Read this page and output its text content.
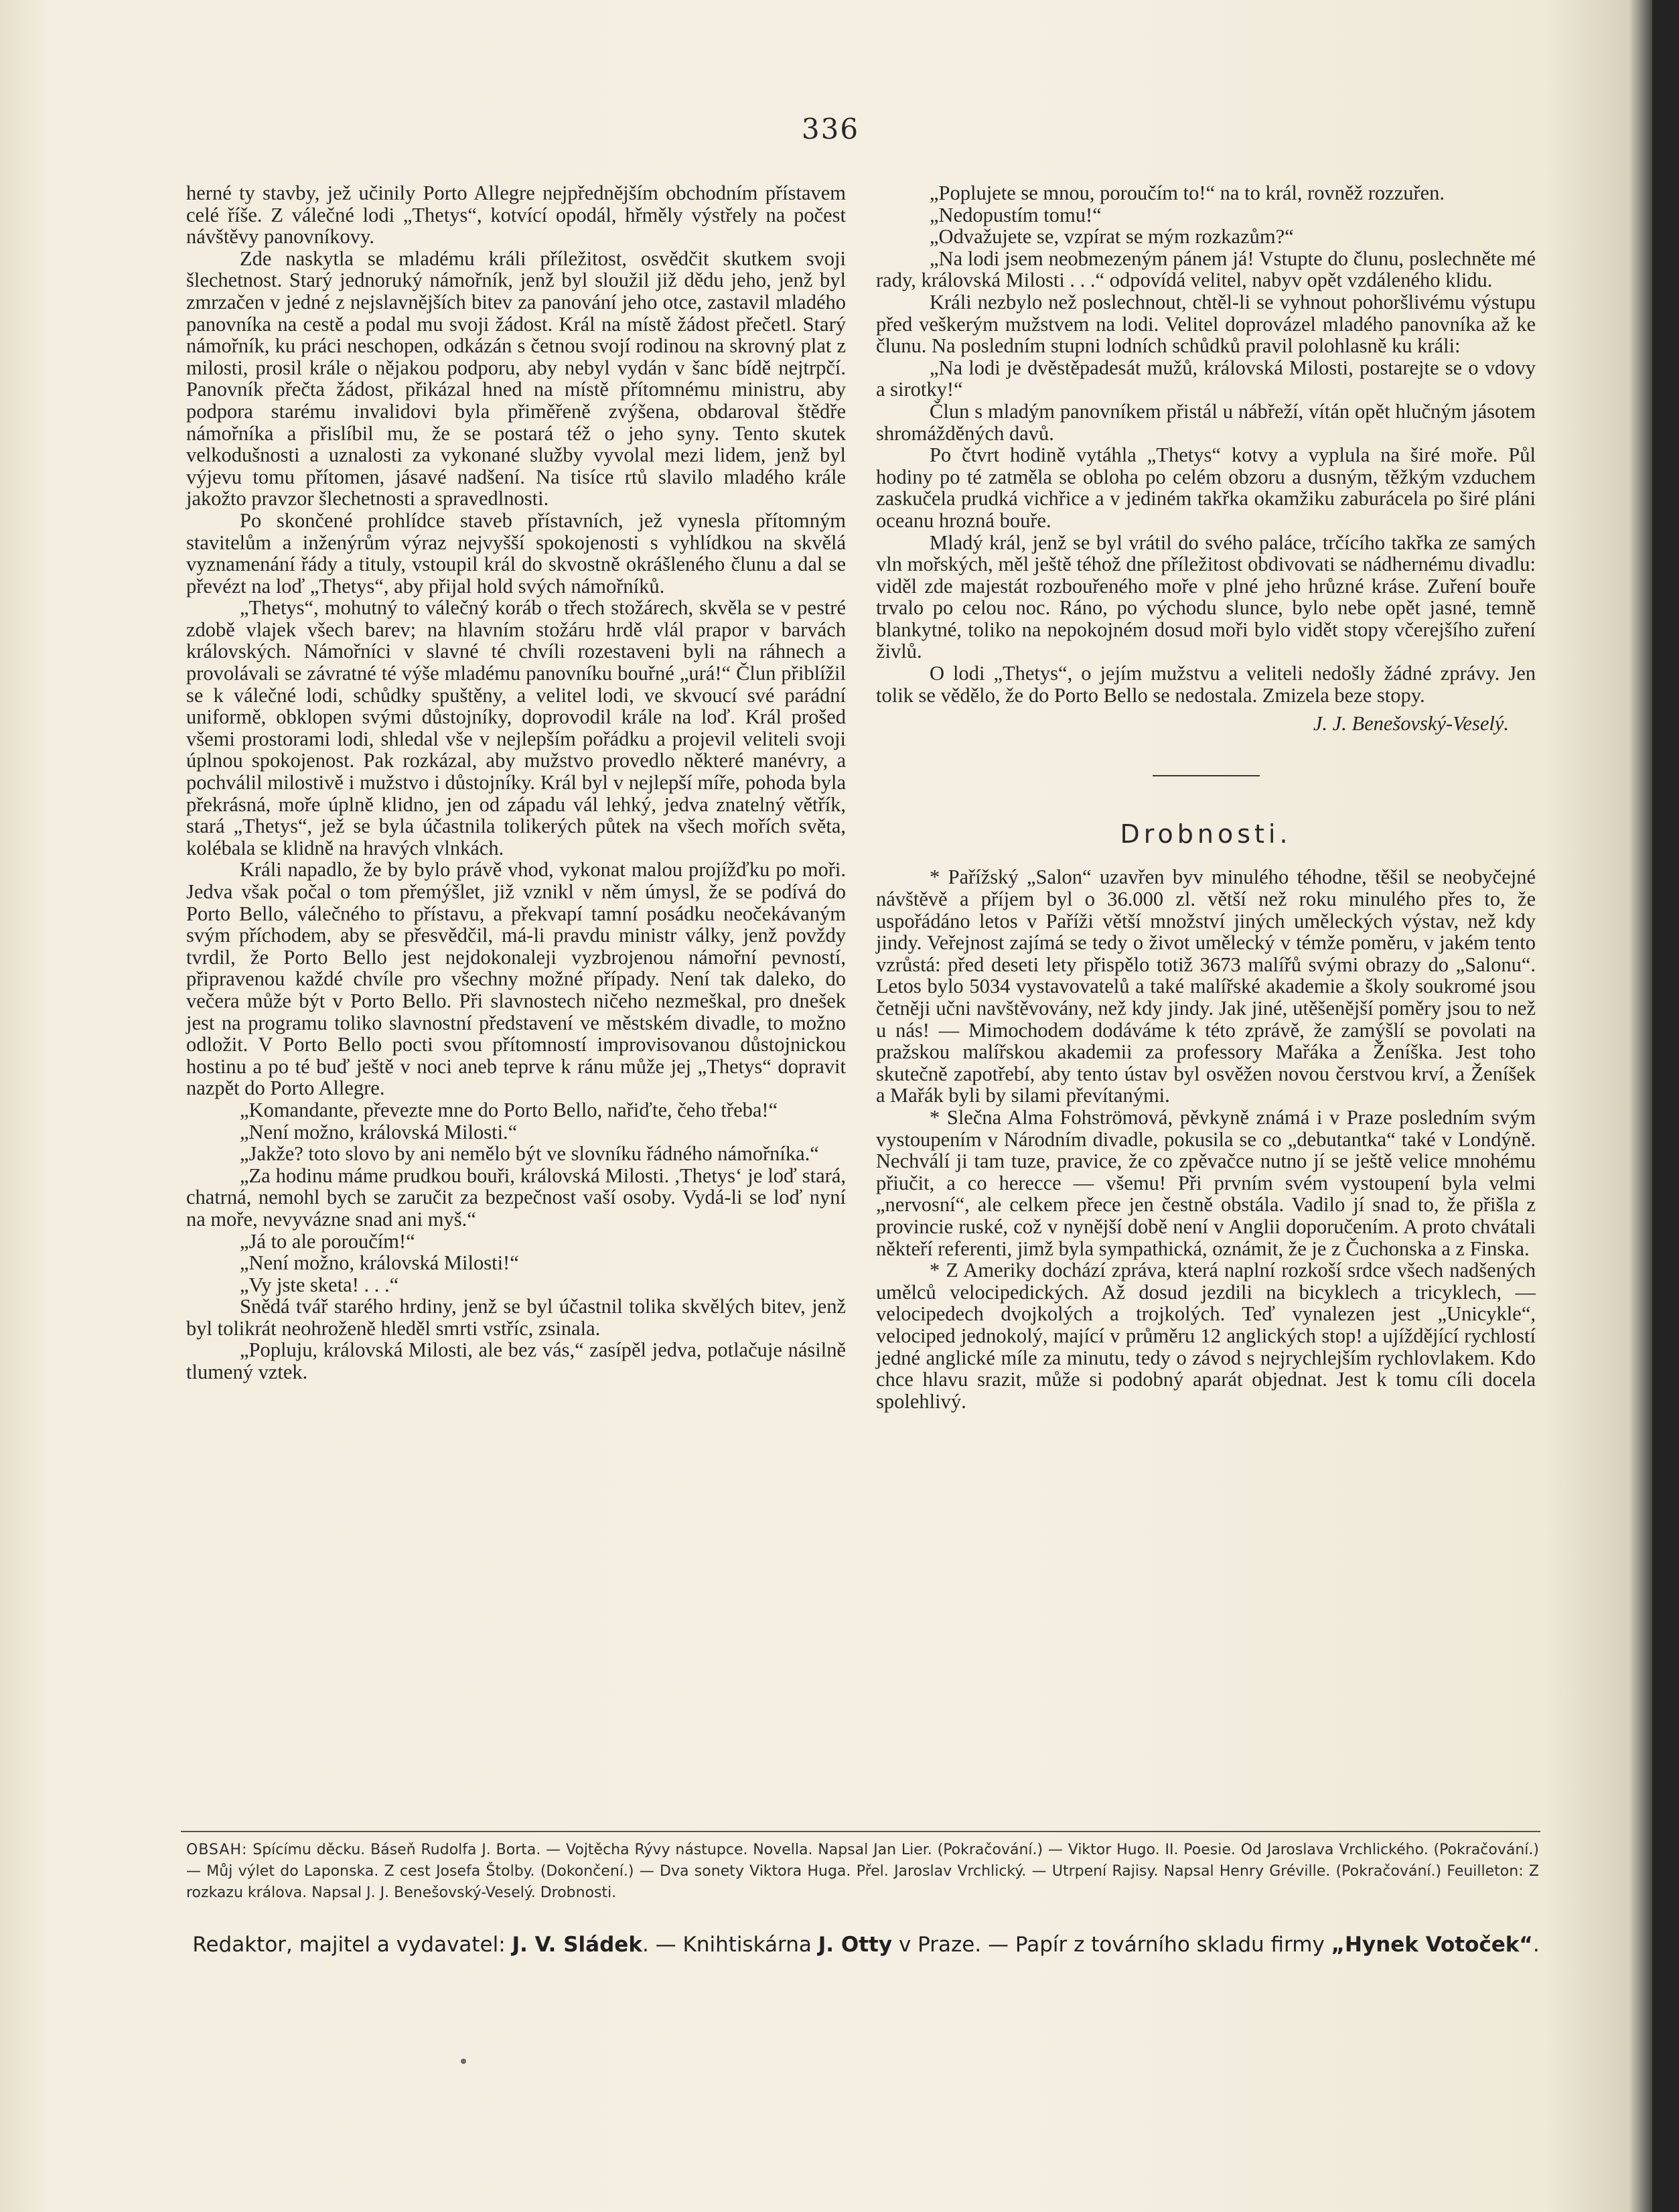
336

herné ty stavby, jež učinily Porto Allegre nejpřednějším obchodním přístavem celé říše. Z válečné lodi „Thetys“, kotvící opodál, hřměly výstřely na počest návštěvy panovníkovy.

Zde naskytla se mladému králi příležitost, osvědčit skutkem svoji šlechetnost. Starý jednoruký námořník, jenž byl sloužil již dědu jeho, jenž byl zmrzačen v jedné z nejslavnějších bitev za panování jeho otce, zastavil mladého panovníka na cestě a podal mu svoji žádost. Král na místě žádost přečetl. Starý námořník, ku práci neschopen, odkázán s četnou svojí rodinou na skrovný plat z milosti, prosil krále o nějakou podporu, aby nebyl vydán v šanc bídě nejtrpčí. Panovník přečta žádost, přikázal hned na místě přítomnému ministru, aby podpora starému invalidovi byla přiměřeně zvýšena, obdaroval štědře námořníka a přislíbil mu, že se postará též o jeho syny. Tento skutek velkodušnosti a uznalosti za vykonané služby vyvolal mezi lidem, jenž byl výjevu tomu přítomen, jásavé nadšení. Na tisíce rtů slavilo mladého krále jakožto pravzor šlechetnosti a spravedlnosti.

Po skončené prohlídce staveb přístavních, jež vynesla přítomným stavitelům a inženýrům výraz nejvyšší spokojenosti s vyhlídkou na skvělá vyznamenání řády a tituly, vstoupil král do skvostně okrášleného člunu a dal se převézt na loď „Thetys“, aby přijal hold svých námořníků.

„Thetys“, mohutný to válečný koráb o třech stožárech, skvěla se v pestré zdobě vlajek všech barev; na hlavním stožáru hrdě vlál prapor v barvách královských. Námořníci v slavné té chvíli rozestaveni byli na ráhnech a provolávali se závratné té výše mladému panovníku bouřné „urá!“ Člun přiblížil se k válečné lodi, schůdky spuštěny, a velitel lodi, ve skvoucí své parádní uniformě, obklopen svými důstojníky, doprovodil krále na loď. Král prošed všemi prostorami lodi, shledal vše v nejlepším pořádku a projevil veliteli svoji úplnou spokojenost. Pak rozkázal, aby mužstvo provedlo některé manévry, a pochválil milostivě i mužstvo i důstojníky. Král byl v nejlepší míře, pohoda byla překrásná, moře úplně klidno, jen od západu vál lehký, jedva znatelný větřík, stará „Thetys“, jež se byla účastnila tolikerých půtek na všech mořích světa, kolébala se klidně na hravých vlnkách.

Králi napadlo, že by bylo právě vhod, vykonat malou projížďku po moři. Jedva však počal o tom přemýšlet, již vznikl v něm úmysl, že se podívá do Porto Bello, válečného to přístavu, a překvapí tamní posádku neočekávaným svým příchodem, aby se přesvědčil, má-li pravdu ministr války, jenž povždy tvrdil, že Porto Bello jest nejdokonaleji vyzbrojenou námořní pevností, připravenou každé chvíle pro všechny možné případy. Není tak daleko, do večera může být v Porto Bello. Při slavnostech ničeho nezmeškal, pro dnešek jest na programu toliko slavnostní představení ve městském divadle, to možno odložit. V Porto Bello pocti svou přítomností improvisovanou důstojnickou hostinu a po té buď ještě v noci aneb teprve k ránu může jej „Thetys“ dopravit nazpět do Porto Allegre.

„Komandante, převezte mne do Porto Bello, nařiďte, čeho třeba!“

„Není možno, královská Milosti.“

„Jakže? toto slovo by ani nemělo být ve slovníku řádného námořníka.“

„Za hodinu máme prudkou bouři, královská Milosti. ,Thetys‘ je loď stará, chatrná, nemohl bych se zaručit za bezpečnost vaší osoby. Vydá-li se loď nyní na moře, nevyvázne snad ani myš.“

„Já to ale poroučím!“

„Není možno, královská Milosti!“

„Vy jste sketa! . . .“

Snědá tvář starého hrdiny, jenž se byl účastnil tolika skvělých bitev, jenž byl tolikrát neohroženě hleděl smrti vstříc, zsinala.

„Popluju, královská Milosti, ale bez vás,“ zasípěl jedva, potlačuje násilně tlumený vztek.

„Poplujete se mnou, poroučím to!“ na to král, rovněž rozzuřen.

„Nedopustím tomu!“

„Odvažujete se, vzpírat se mým rozkazům?“

„Na lodi jsem neobmezeným pánem já! Vstupte do člunu, poslechněte mé rady, královská Milosti . . .“ odpovídá velitel, nabyv opět vzdáleného klidu.

Králi nezbylo než poslechnout, chtěl-li se vyhnout pohoršlivému výstupu před veškerým mužstvem na lodi. Velitel doprovázel mladého panovníka až ke člunu. Na posledním stupni lodních schůdků pravil polohlasně ku králi:

„Na lodi je dvěstěpadesát mužů, královská Milosti, postarejte se o vdovy a sirotky!“

Člun s mladým panovníkem přistál u nábřeží, vítán opět hlučným jásotem shromážděných davů.

Po čtvrt hodině vytáhla „Thetys“ kotvy a vyplula na širé moře. Půl hodiny po té zatměla se obloha po celém obzoru a dusným, těžkým vzduchem zaskučela prudká vichřice a v jediném takřka okamžiku zaburácela po širé pláni oceanu hrozná bouře.

Mladý král, jenž se byl vrátil do svého paláce, trčícího takřka ze samých vln mořských, měl ještě téhož dne příležitost obdivovati se nádhernému divadlu: viděl zde majestát rozbouřeného moře v plné jeho hrůzné kráse. Zuření bouře trvalo po celou noc. Ráno, po východu slunce, bylo nebe opět jasné, temně blankytné, toliko na nepokojném dosud moři bylo vidět stopy včerejšího zuření živlů.

O lodi „Thetys“, o jejím mužstvu a veliteli nedošly žádné zprávy. Jen tolik se vědělo, že do Porto Bello se nedostala. Zmizela beze stopy.

J. J. Benešovský-Veselý.
Drobnosti.

* Pařížský „Salon“ uzavřen byv minulého téhodne, těšil se neobyčejné návštěvě a příjem byl o 36.000 zl. větší než roku minulého přes to, že uspořádáno letos v Paříži větší množství jiných uměleckých výstav, než kdy jindy. Veřejnost zajímá se tedy o život umělecký v témže poměru, v jakém tento vzrůstá: před deseti lety přispělo totiž 3673 malířů svými obrazy do „Salonu“. Letos bylo 5034 vystavovatelů a také malířské akademie a školy soukromé jsou četněji učni navštěvovány, než kdy jindy. Jak jiné, utěšenější poměry jsou to než u nás! — Mimochodem dodáváme k této zprávě, že zamýšlí se povolati na pražskou malířskou akademii za professory Mařáka a Ženíška. Jest toho skutečně zapotřebí, aby tento ústav byl osvěžen novou čerstvou krví, a Ženíšek a Mařák byli by silami převítanými.

* Slečna Alma Fohströmová, pěvkyně známá i v Praze posledním svým vystoupením v Národním divadle, pokusila se co „debutantka“ také v Londýně. Nechválí ji tam tuze, pravice, že co zpěvačce nutno jí se ještě velice mnohému přiučit, a co herecce — všemu! Při prvním svém vystoupení byla velmi „nervosní“, ale celkem přece jen čestně obstála. Vadilo jí snad to, že přišla z provincie ruské, což v nynější době není v Anglii doporučením. A proto chvátali někteří referenti, jimž byla sympathická, oznámit, že je z Čuchonska a z Finska.

* Z Ameriky dochází zpráva, která naplní rozkoší srdce všech nadšených umělců velocipedických. Až dosud jezdili na bicyklech a tricyklech, — velocipedech dvojkolých a trojkolých. Teď vynalezen jest „Unicykle“, velociped jednokolý, mající v průměru 12 anglických stop! a ujíždějící rychlostí jedné anglické míle za minutu, tedy o závod s nejrychlejším rychlovlakem. Kdo chce hlavu srazit, může si podobný aparát objednat. Jest k tomu cíli docela spolehlivý.

OBSAH: Spícímu děcku. Báseň Rudolfa J. Borta. — Vojtěcha Rývy nástupce. Novella. Napsal Jan Lier. (Pokračování.) — Viktor Hugo. II. Poesie. Od Jaroslava Vrchlického. (Pokračování.) — Můj výlet do Laponska. Z cest Josefa Štolby. (Dokončení.) — Dva sonety Viktora Huga. Přel. Jaroslav Vrchlický. — Utrpení Rajisy. Napsal Henry Gréville. (Pokračování.) Feuilleton: Z rozkazu králova. Napsal J. J. Benešovský-Veselý. Drobnosti.
Redaktor, majitel a vydavatel: J. V. Sládek. — Knihtiskárna J. Otty v Praze. — Papír z továrního skladu firmy „Hynek Votoček“.
